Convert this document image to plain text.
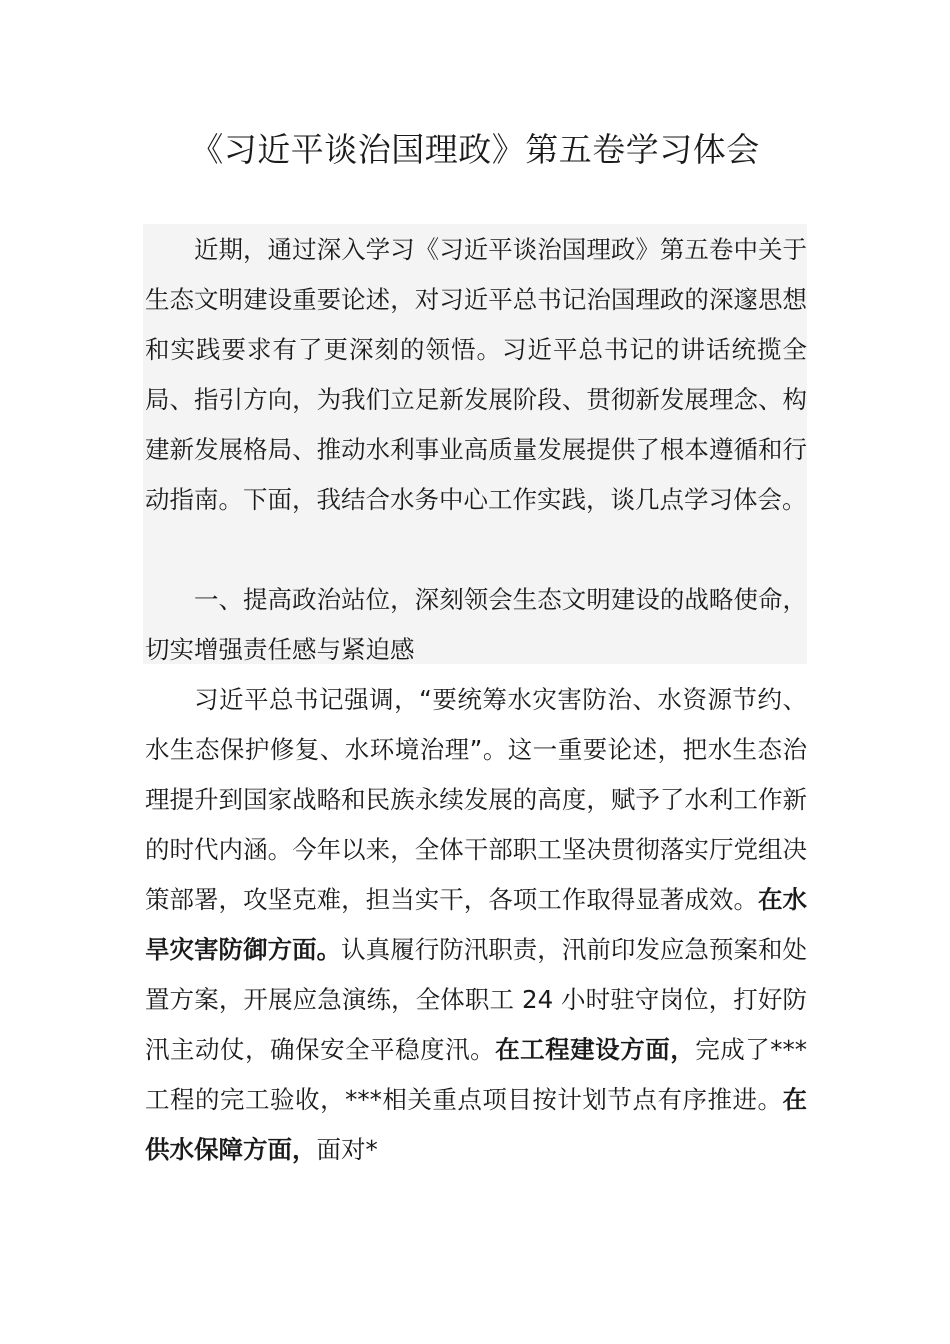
《习近平谈治国理政》第五卷学习体会

近期，通过深入学习《习近平谈治国理政》第五卷中关于生态文明建设重要论述，对习近平总书记治国理政的深邃思想和实践要求有了更深刻的领悟。习近平总书记的讲话统揽全局、指引方向，为我们立足新发展阶段、贯彻新发展理念、构建新发展格局、推动水利事业高质量发展提供了根本遵循和行动指南。下面，我结合水务中心工作实践，谈几点学习体会。

一、提高政治站位，深刻领会生态文明建设的战略使命，切实增强责任感与紧迫感

习近平总书记强调，“要统筹水灾害防治、水资源节约、水生态保护修复、水环境治理”。这一重要论述，把水生态治理提升到国家战略和民族永续发展的高度，赋予了水利工作新的时代内涵。今年以来，全体干部职工坚决贯彻落实厅党组决策部署，攻坚克难，担当实干，各项工作取得显著成效。在水旱灾害防御方面。认真履行防汛职责，汛前印发应急预案和处置方案，开展应急演练，全体职工 24 小时驻守岗位，打好防汛主动仗，确保安全平稳度汛。在工程建设方面，完成了***工程的完工验收，***相关重点项目按计划节点有序推进。在供水保障方面，面对*
